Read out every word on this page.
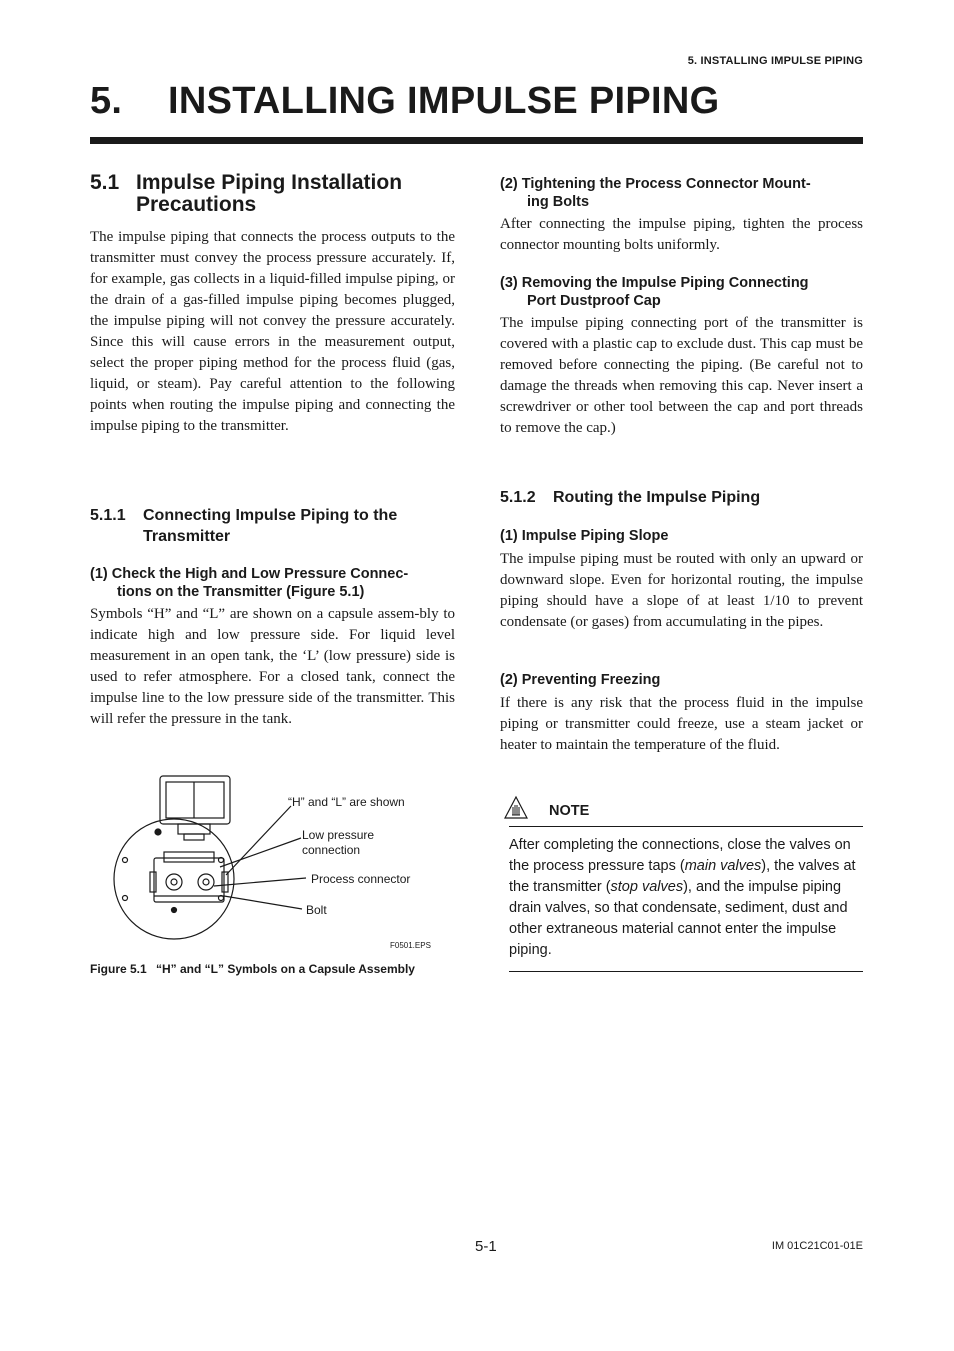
5. INSTALLING IMPULSE PIPING
5. INSTALLING IMPULSE PIPING
5.1 Impulse Piping Installation
Precautions

The impulse piping that connects the process outputs to the transmitter must convey the process pressure accurately. If, for example, gas collects in a liquid-filled impulse piping, or the drain of a gas-filled impulse piping becomes plugged, the impulse piping will not convey the pressure accurately. Since this will cause errors in the measurement output, select the proper piping method for the process fluid (gas, liquid, or steam). Pay careful attention to the following points when routing the impulse piping and connecting the impulse piping to the transmitter.

5.1.1 Connecting Impulse Piping to the
Transmitter
(1) Check the High and Low Pressure Connec-
tions on the Transmitter (Figure 5.1)

Symbols “H” and “L” are shown on a capsule assem-bly to indicate high and low pressure side. For liquid level measurement in an open tank, the ‘L’ (low pressure) side is used to refer atmosphere. For a closed tank, connect the impulse line to the low pressure side of the transmitter. This will refer the pressure in the tank.

“H” and “L” are shown
Low pressure
connection
Process connector
Bolt
F0501.EPS
Figure 5.1 “H” and “L” Symbols on a Capsule Assembly
(2) Tightening the Process Connector Mount-
ing Bolts

After connecting the impulse piping, tighten the process connector mounting bolts uniformly.

(3) Removing the Impulse Piping Connecting
Port Dustproof Cap

The impulse piping connecting port of the transmitter is covered with a plastic cap to exclude dust. This cap must be removed before connecting the piping. (Be careful not to damage the threads when removing this cap. Never insert a screwdriver or other tool between the cap and port threads to remove the cap.)

5.1.2 Routing the Impulse Piping
(1) Impulse Piping Slope

The impulse piping must be routed with only an upward or downward slope. Even for horizontal routing, the impulse piping should have a slope of at least 1/10 to prevent condensate (or gases) from accumulating in the pipes.

(2) Preventing Freezing

If there is any risk that the process fluid in the impulse piping or transmitter could freeze, use a steam jacket or heater to maintain the temperature of the fluid.

NOTE

After completing the connections, close the valves on the process pressure taps (main valves), the valves at the transmitter (stop valves), and the impulse piping drain valves, so that condensate, sediment, dust and other extraneous material cannot enter the impulse piping.

5-1	IM 01C21C01-01E
